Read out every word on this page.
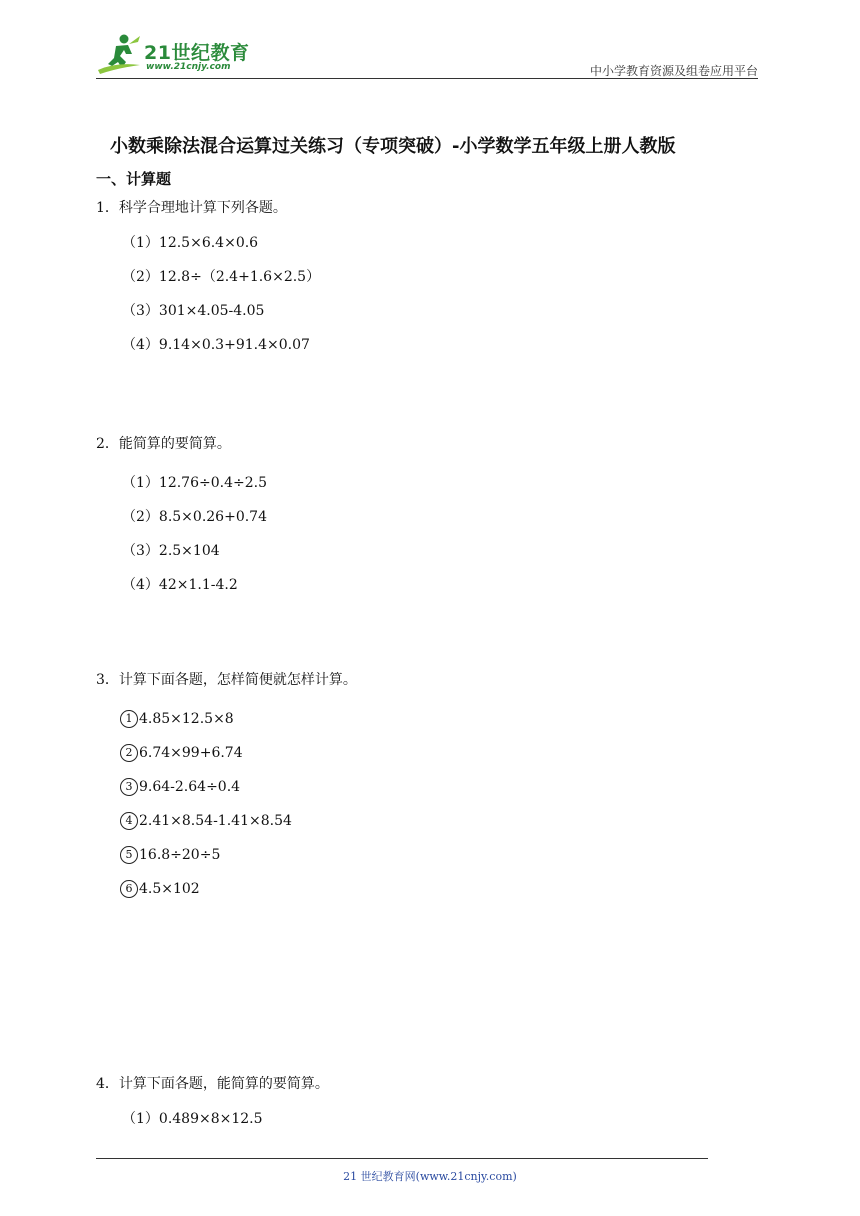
21世纪教育
www.21cnjy.com	中小学教育资源及组卷应用平台
小数乘除法混合运算过关练习（专项突破）-小学数学五年级上册人教版
一、计算题
1．科学合理地计算下列各题。
（1）12.5×6.4×0.6
（2）12.8÷（2.4+1.6×2.5）
（3）301×4.05-4.05
（4）9.14×0.3+91.4×0.07
2．能简算的要简算。
（1）12.76÷0.4÷2.5
（2）8.5×0.26+0.74
（3）2.5×104
（4）42×1.1-4.2
3．计算下面各题，怎样简便就怎样计算。
1 4.85×12.5×8
2 6.74×99+6.74
3 9.64-2.64÷0.4
4 2.41×8.54-1.41×8.54
5 16.8÷20÷5
6 4.5×102
4．计算下面各题，能简算的要简算。
（1）0.489×8×12.5
21 世纪教育网(www.21cnjy.com)
